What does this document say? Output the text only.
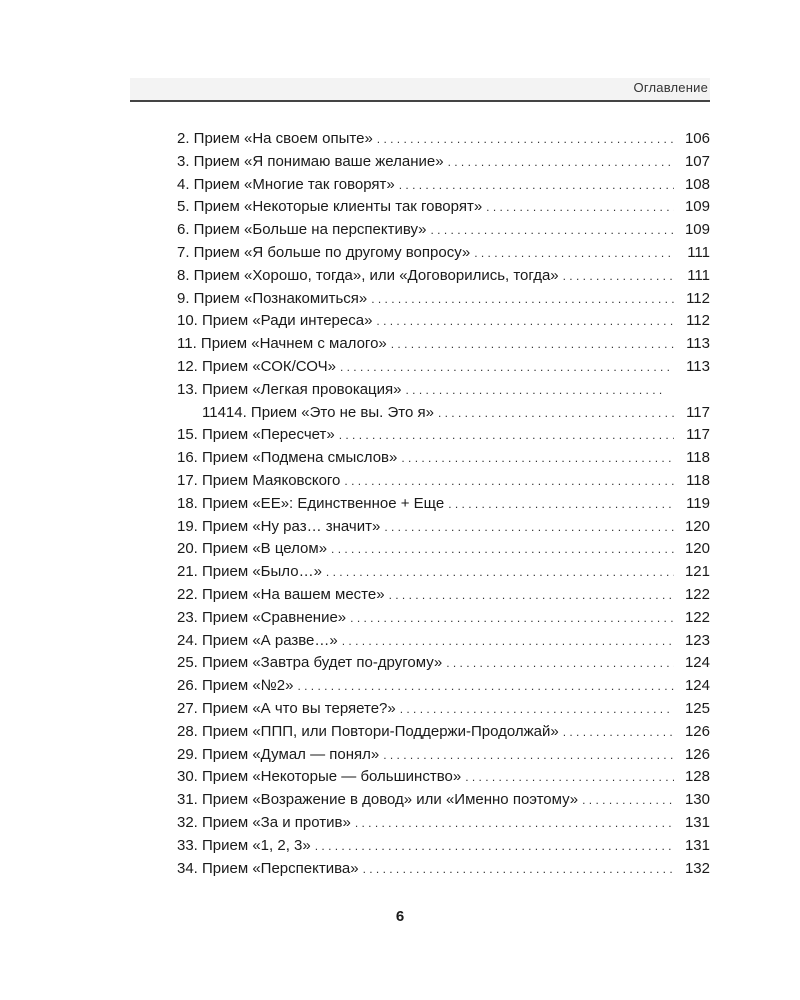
Оглавление
2. Прием «На своем опыте» . . .	106
3. Прием «Я понимаю ваше желание» . . .	107
4. Прием «Многие так говорят» . . .	108
5. Прием «Некоторые клиенты так говорят» . . .	109
6. Прием «Больше на перспективу» . . .	109
7. Прием «Я больше по другому вопросу» . . .	111
8. Прием «Хорошо, тогда», или «Договорились, тогда» . . .	111
9. Прием «Познакомиться» . . .	112
10. Прием «Ради интереса» . . .	112
11. Прием «Начнем с малого» . . .	113
12. Прием «СОК/СОЧ» . . .	113
13. Прием «Легкая провокация»
. . .
11414. Прием «Это не вы. Это я» . . .	117
15. Прием «Пересчет» . . .	117
16. Прием «Подмена смыслов» . . .	118
17. Прием Маяковского . . .	118
18. Прием «ЕЕ»: Единственное + Еще . . .	119
19. Прием «Ну раз… значит» . . .	120
20. Прием «В целом» . . .	120
21. Прием «Было…» . . .	121
22. Прием «На вашем месте» . . .	122
23. Прием «Сравнение» . . .	122
24. Прием «А разве…» . . .	123
25. Прием «Завтра будет по-другому» . . .	124
26. Прием «№2» . . .	124
27. Прием «А что вы теряете?» . . .	125
28. Прием «ППП, или Повтори-Поддержи-Продолжай» . . .	126
29. Прием «Думал — понял» . . .	126
30. Прием «Некоторые — большинство» . . .	128
31. Прием «Возражение в довод» или «Именно поэтому» . . .	130
32. Прием «За и против» . . .	131
33. Прием «1, 2, 3» . . .	131
34. Прием «Перспектива» . . .	132
6
